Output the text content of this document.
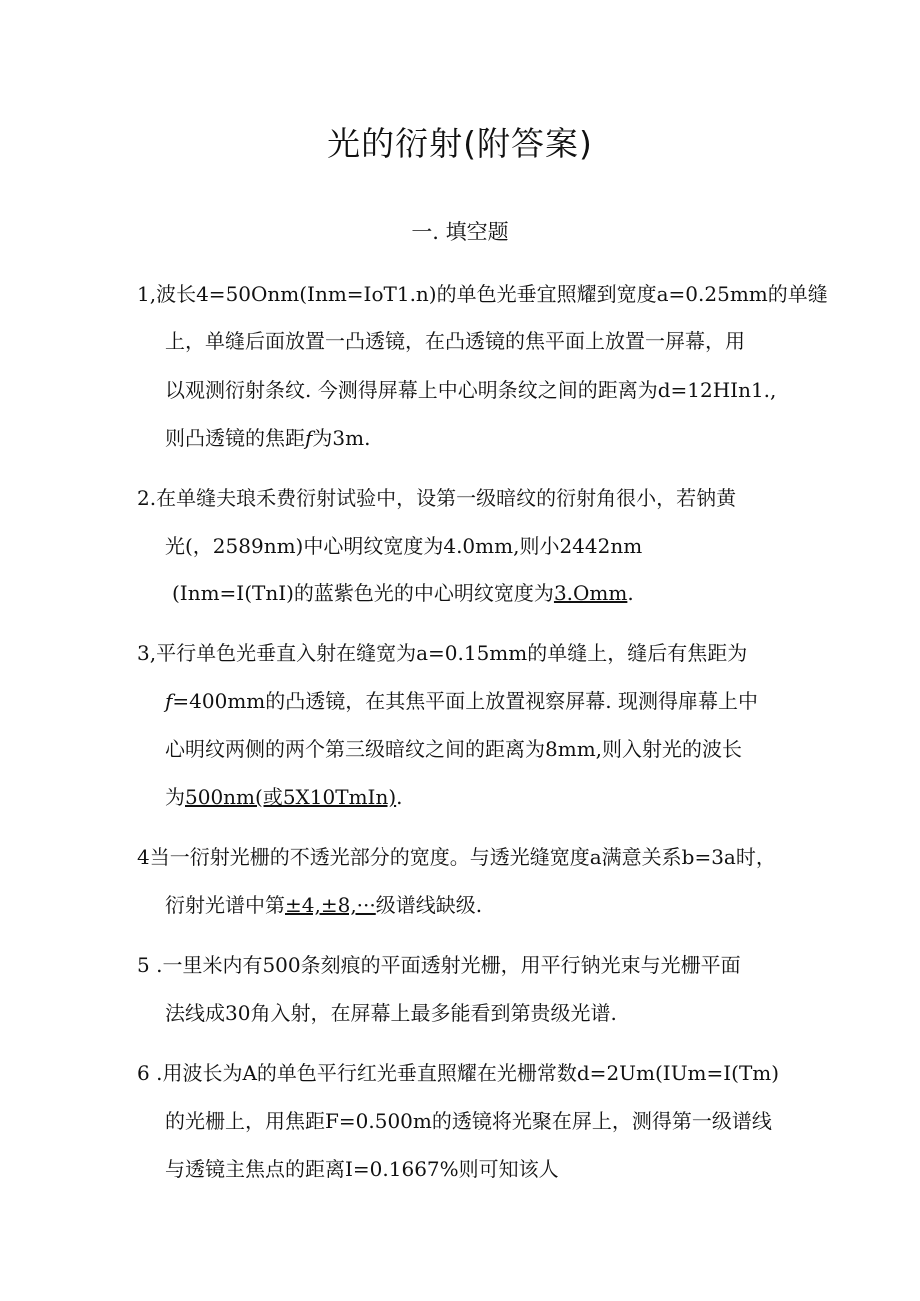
光的衍射(附答案)
一. 填空题
1,波长4=50Onm(Inm=IoT1.n)的单色光垂宜照耀到宽度a=0.25mm的单缝
上，单缝后面放置一凸透镜，在凸透镜的焦平面上放置一屏幕，用
以观测衍射条纹. 今测得屏幕上中心明条纹之间的距离为d=12HIn1.,
则凸透镜的焦距f为3m.
2.在单缝夫琅禾费衍射试验中，设第一级暗纹的衍射角很小，若钠黄
光(，2589nm)中心明纹宽度为4.0mm,则小2442nm
(Inm=I(TnI)的蓝紫色光的中心明纹宽度为3.Omm.
3,平行单色光垂直入射在缝宽为a=0.15mm的单缝上，缝后有焦距为
f=400mm的凸透镜，在其焦平面上放置视察屏幕. 现测得扉幕上中
心明纹两侧的两个第三级暗纹之间的距离为8mm,则入射光的波长
为500nm(或5X10TmIn).
4当一衍射光栅的不透光部分的宽度。与透光缝宽度a满意关系b=3a时，
衍射光谱中第±4,±8,···级谱线缺级.
5 .一里米内有500条刻痕的平面透射光栅，用平行钠光束与光栅平面
法线成30角入射，在屏幕上最多能看到第贵级光谱.
6 .用波长为A的单色平行红光垂直照耀在光栅常数d=2Um(IUm=I(Tm)
的光栅上，用焦距F=0.500m的透镜将光聚在屏上，测得第一级谱线
与透镜主焦点的距离I=0.1667%则可知该人
